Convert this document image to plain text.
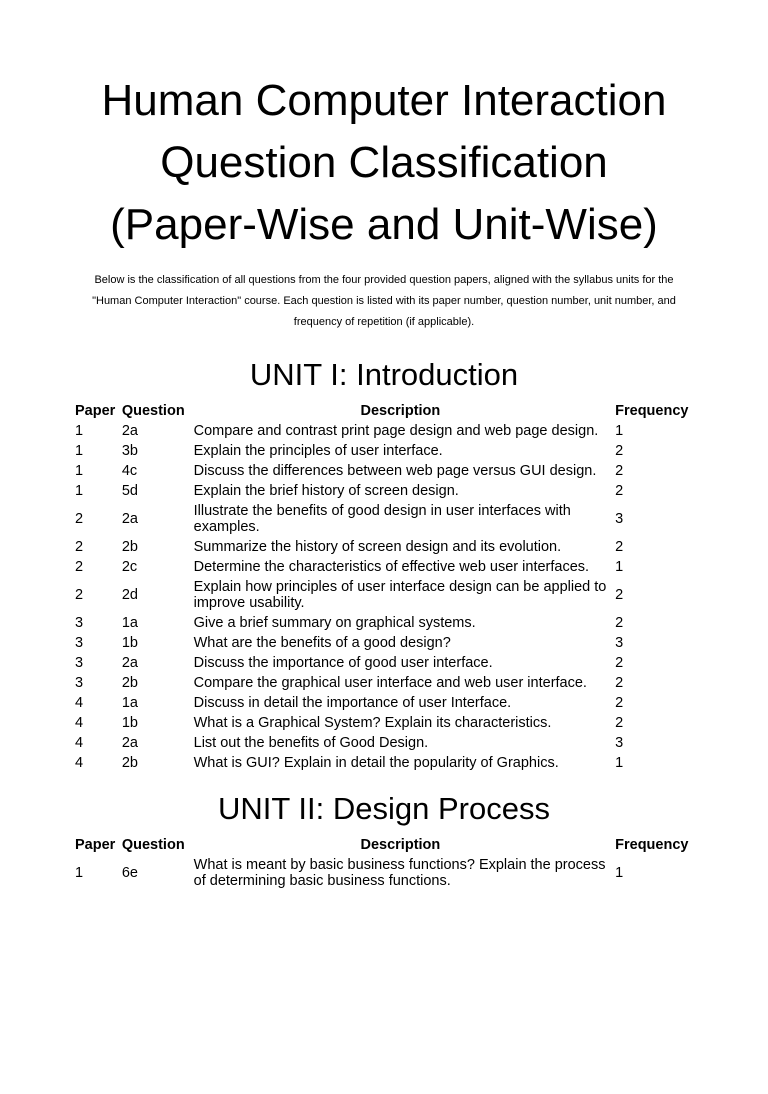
Human Computer Interaction
Question Classification
(Paper-Wise and Unit-Wise)

Below is the classification of all questions from the four provided question papers, aligned with the syllabus units for the
"Human Computer Interaction" course. Each question is listed with its paper number, question number, unit number, and
frequency of repetition (if applicable).

UNIT I: Introduction
Paper	Question	Description	Frequency
1	2a	Compare and contrast print page design and web page design.	1
1	3b	Explain the principles of user interface.	2
1	4c	Discuss the differences between web page versus GUI design.	2
1	5d	Explain the brief history of screen design.	2
2	2a	Illustrate the benefits of good design in user interfaces with examples.	3
2	2b	Summarize the history of screen design and its evolution.	2
2	2c	Determine the characteristics of effective web user interfaces.	1
2	2d	Explain how principles of user interface design can be applied to improve usability.	2
3	1a	Give a brief summary on graphical systems.	2
3	1b	What are the benefits of a good design?	3
3	2a	Discuss the importance of good user interface.	2
3	2b	Compare the graphical user interface and web user interface.	2
4	1a	Discuss in detail the importance of user Interface.	2
4	1b	What is a Graphical System? Explain its characteristics.	2
4	2a	List out the benefits of Good Design.	3
4	2b	What is GUI? Explain in detail the popularity of Graphics.	1
UNIT II: Design Process
Paper	Question	Description	Frequency
1	6e	What is meant by basic business functions? Explain the process of determining basic business functions.	1
